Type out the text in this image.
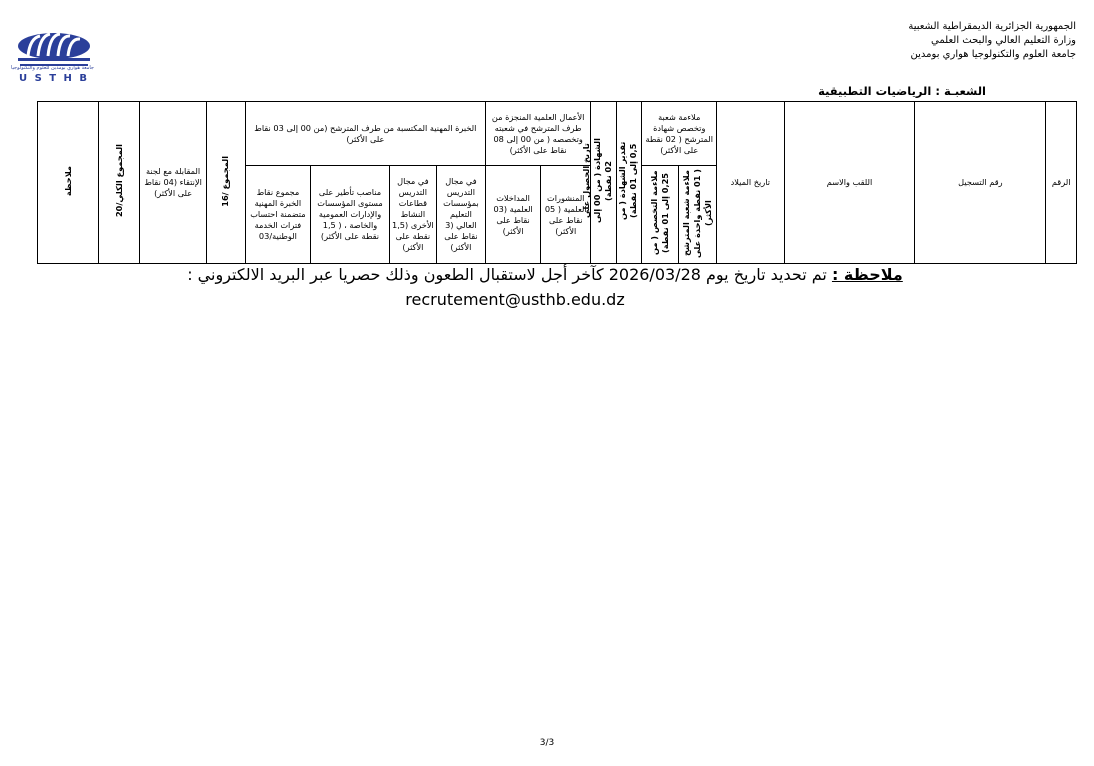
جامعة هواري بومدين للعلوم والتكنولوجيا
U S T H B
الجمهورية الجزائرية الديمقراطية الشعبية
وزارة التعليم العالي والبحث العلمي
جامعة العلوم والتكنولوجيا هواري بومدين
الشعبـة : الرياضيات التطبيقية
الرقم	رقم التسجيل	اللقب والاسم	تاريخ الميلاد	ملاءمة شعبة وتخصص شهادة المترشح ( 02 نقطة على الأكثر)		تقدير الشهادة ( من 0,5 إلى 01 نقطة)	تاريخ الحصول على الشهادة ( من 00 إلى 02 نقطة)	الأعمال العلمية المنجزة من طرف المترشح في شعبته وتخصصه ( من 00 إلى 08 نقاط على الأكثر)		الخبرة المهنية المكتسبة من طرف المترشح (من 00 إلى 03 نقاط على الأكثر)				المجموع /16	المقابلة مع لجنة الإنتقاء (04 نقاط على الأكثر)	المجموع الكلي/20	ملاحظة
				ملاءمة شعبة المترشح ( 01 نقطة واحدة على الأكثر)	ملاءمة التخصص ( من 0,25 إلى 01 نقطة)			المنشورات العلمية ( 05 نقاط على الأكثر)	المداخلات العلمية (03 نقاط على الأكثر)	في مجال التدريس بمؤسسات التعليم العالي (3 نقاط على الأكثر)	في مجال التدريس قطاعات النشاط الأخرى (1,5 نقطة على الأكثر)	مناصب تأطير على مستوى المؤسسات والإدارات العمومية والخاصة ، ( 1,5 نقطة على الأكثر)	مجموع نقاط الخبرة المهنية متضمنة احتساب فترات الخدمة الوطنية/03				
ملاحظة : تم تحديد تاريخ يوم 2026/03/28 كآخر أجل لاستقبال الطعون وذلك حصريا عبر البريد الالكتروني :
recrutement@usthb.edu.dz
3/3
